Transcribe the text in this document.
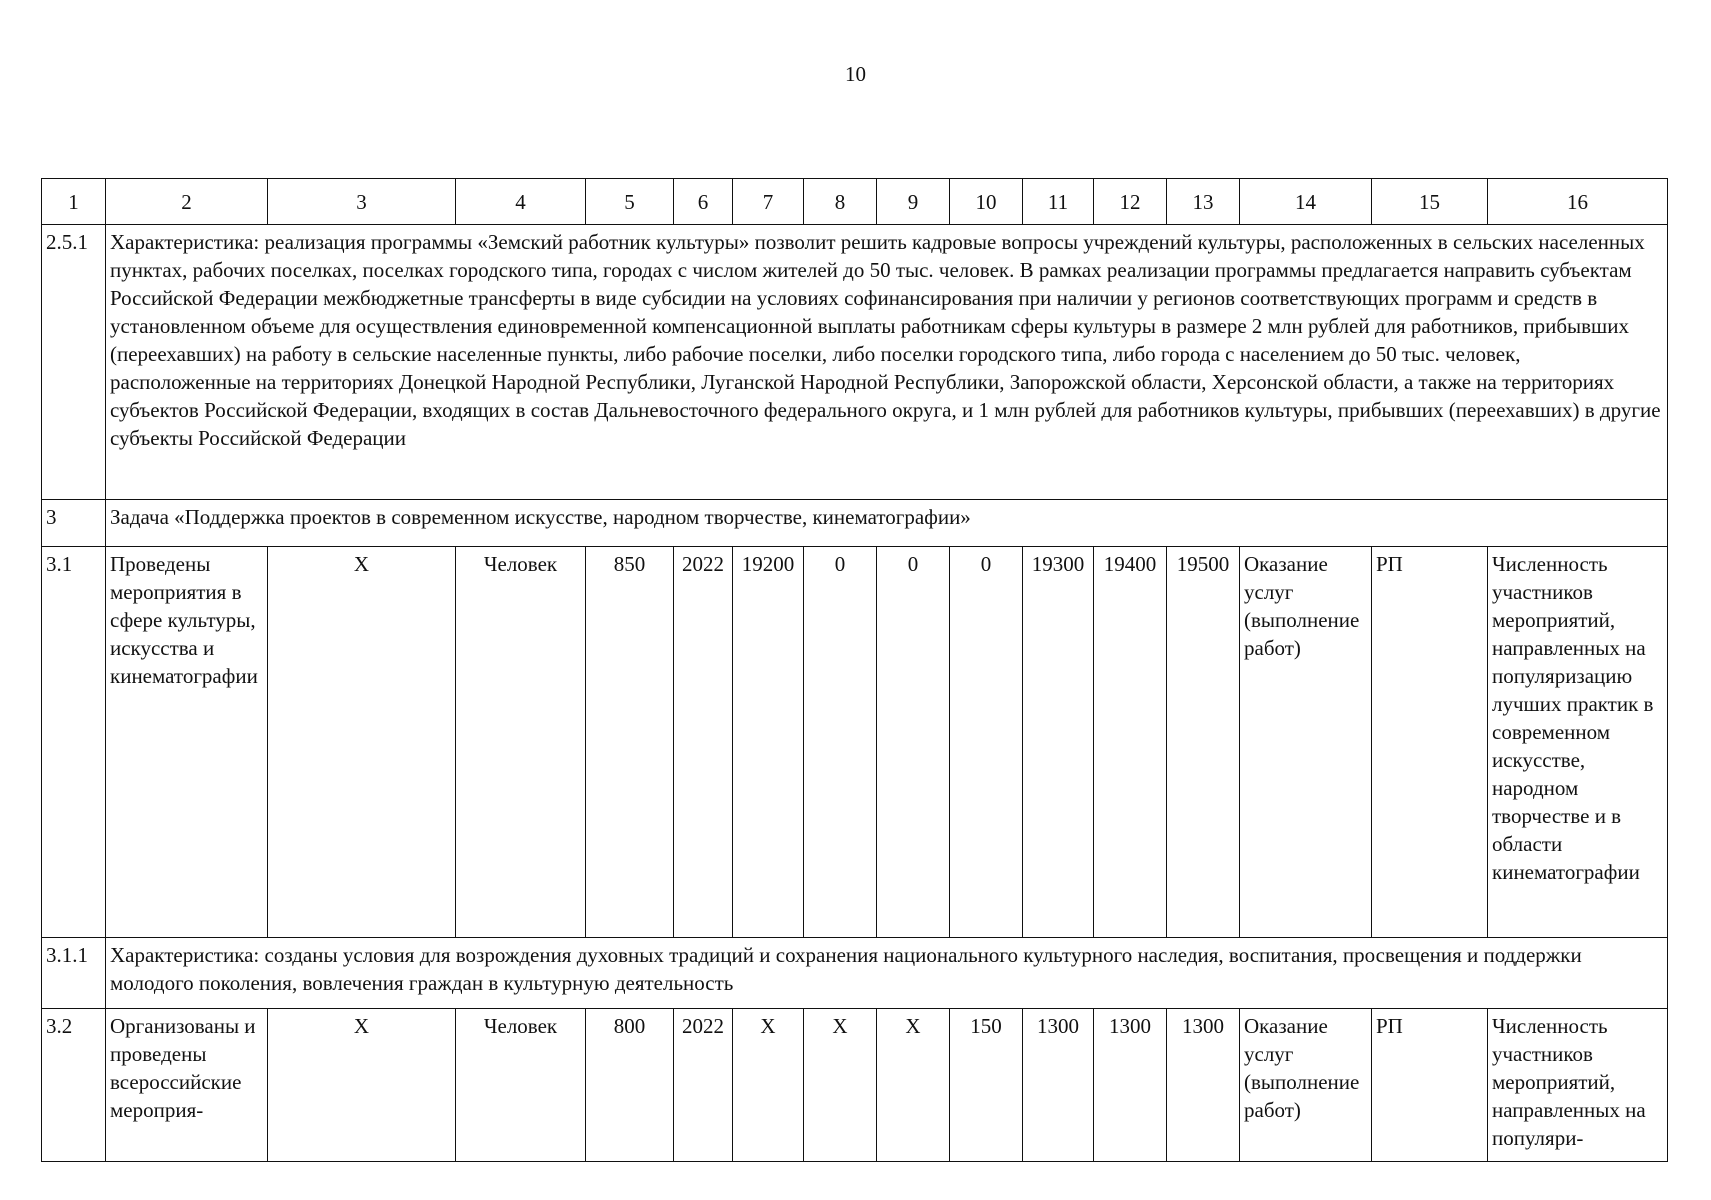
10
1	2	3	4	5	6	7	8	9	10	11	12	13	14	15	16
2.5.1	Характеристика: реализация программы «Земский работник культуры» позволит решить кадровые вопросы учреждений культуры, расположенных в сельских населенных пунктах, рабочих поселках, поселках городского типа, городах с числом жителей до 50 тыс. человек. В рамках реализации программы предлагается направить субъектам Российской Федерации межбюджетные трансферты в виде субсидии на условиях софинансирования при наличии у регионов соответствующих программ и средств в установленном объеме для осуществления единовременной компенсационной выплаты работникам сферы культуры в размере 2 млн рублей для работников, прибывших (переехавших) на работу в сельские населенные пункты, либо рабочие поселки, либо поселки городского типа, либо города с населением до 50 тыс. человек, расположенные на территориях Донецкой Народной Республики, Луганской Народной Республики, Запорожской области, Херсонской области, а также на территориях субъектов Российской Федерации, входящих в состав Дальневосточного федерального округа, и 1 млн рублей для работников культуры, прибывших (переехавших) в другие субъекты Российской Федерации														
3	Задача «Поддержка проектов в современном искусстве, народном творчестве, кинематографии»														
3.1	Проведены мероприятия в сфере культуры, искусства и кинематографии	X	Человек	850	2022	19200	0	0	0	19300	19400	19500	Оказание услуг (выполнение работ)	РП	Численность участников мероприятий, направленных на популяризацию лучших практик в современном искусстве, народном творчестве и в области кинематографии
3.1.1	Характеристика: созданы условия для возрождения духовных традиций и сохранения национального культурного наследия, воспитания, просвещения и поддержки молодого поколения, вовлечения граждан в культурную деятельность														
3.2	Организованы и проведены всероссийские мероприя-	X	Человек	800	2022	X	X	X	150	1300	1300	1300	Оказание услуг (выполнение работ)	РП	Численность участников мероприятий, направленных на популяри-
